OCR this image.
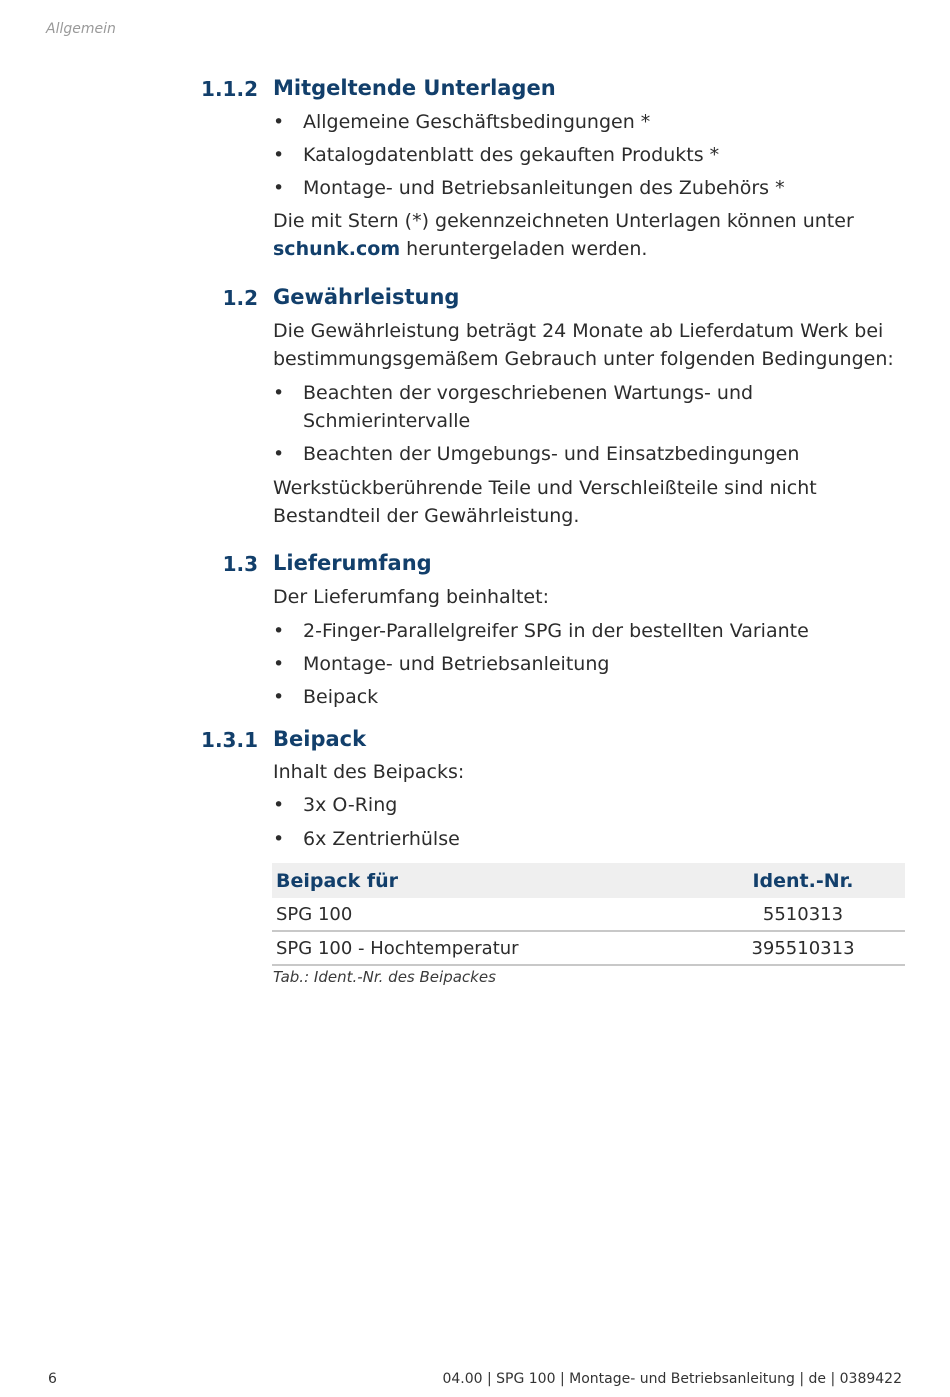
Allgemein
1.1.2 Mitgeltende Unterlagen
• Allgemeine Geschäftsbedingungen *
• Katalogdatenblatt des gekauften Produkts *
• Montage- und Betriebsanleitungen des Zubehörs *
Die mit Stern (*) gekennzeichneten Unterlagen können unter
schunk.com heruntergeladen werden.
1.2 Gewährleistung
Die Gewährleistung beträgt 24 Monate ab Lieferdatum Werk bei
bestimmungsgemäßem Gebrauch unter folgenden Bedingungen:
• Beachten der vorgeschriebenen Wartungs- und
Schmierintervalle
• Beachten der Umgebungs- und Einsatzbedingungen
Werkstückberührende Teile und Verschleißteile sind nicht
Bestandteil der Gewährleistung.
1.3 Lieferumfang
Der Lieferumfang beinhaltet:
• 2-Finger-Parallelgreifer SPG in der bestellten Variante
• Montage- und Betriebsanleitung
• Beipack
1.3.1 Beipack
Inhalt des Beipacks:
• 3x O-Ring
• 6x Zentrierhülse
Beipack für	Ident.-Nr.
SPG 100	5510313
SPG 100 - Hochtemperatur	395510313
Tab.: Ident.-Nr. des Beipackes
6	04.00 | SPG 100 | Montage- und Betriebsanleitung | de | 0389422
